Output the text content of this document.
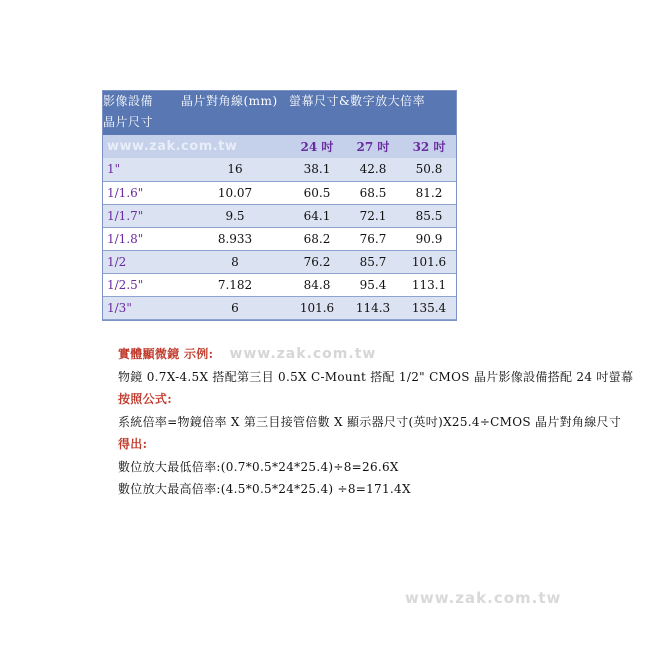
影像設備
晶片尺寸	晶片對角線(mm)	螢幕尺寸&數字放大倍率		
www.zak.com.tw		24 吋	27 吋	32 吋
1"	16	38.1	42.8	50.8
1/1.6"	10.07	60.5	68.5	81.2
1/1.7"	9.5	64.1	72.1	85.5
1/1.8"	8.933	68.2	76.7	90.9
1/2	8	76.2	85.7	101.6
1/2.5"	7.182	84.8	95.4	113.1
1/3"	6	101.6	114.3	135.4
實體顯微鏡 示例: www.zak.com.tw
物鏡 0.7X-4.5X 搭配第三目 0.5X C-Mount 搭配 1/2" CMOS 晶片影像設備搭配 24 吋螢幕
按照公式:
系統倍率=物鏡倍率 X 第三目接管倍數 X 顯示器尺寸(英吋)X25.4÷CMOS 晶片對角線尺寸
得出:
數位放大最低倍率:(0.7*0.5*24*25.4)÷8=26.6X
數位放大最高倍率:(4.5*0.5*24*25.4) ÷8=171.4X
www.zak.com.tw
